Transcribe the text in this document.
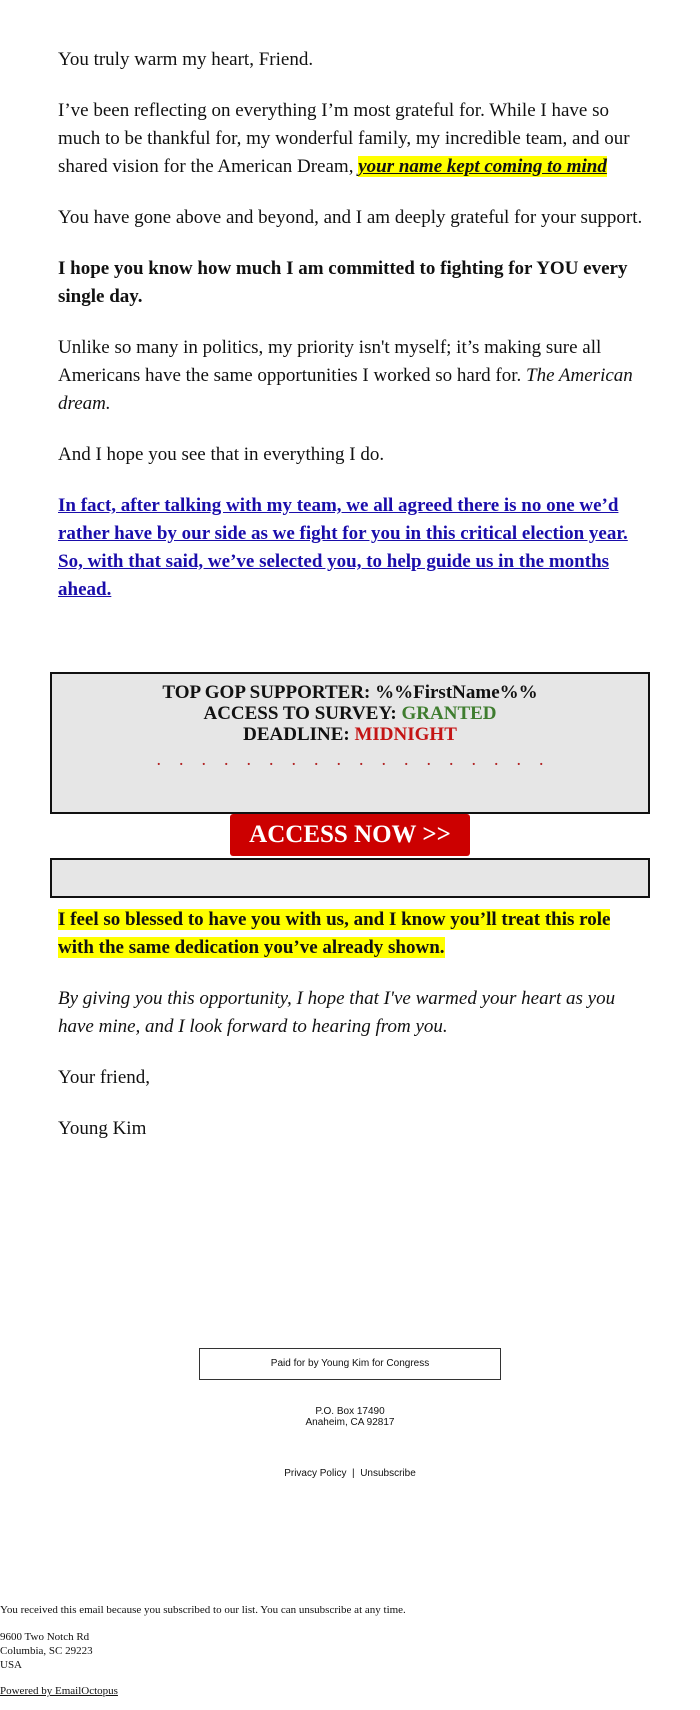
You truly warm my heart, Friend.

I’ve been reflecting on everything I’m most grateful for. While I have so much to be thankful for, my wonderful family, my incredible team, and our shared vision for the American Dream, your name kept coming to mind

You have gone above and beyond, and I am deeply grateful for your support.

I hope you know how much I am committed to fighting for YOU every single day.

Unlike so many in politics, my priority isn't myself; it’s making sure all Americans have the same opportunities I worked so hard for. The American dream.

And I hope you see that in everything I do.

In fact, after talking with my team, we all agreed there is no one we’d rather have by our side as we fight for you in this critical election year. So, with that said, we’ve selected you, to help guide us in the months ahead.

TOP GOP SUPPORTER: %%FirstName%%
ACCESS TO SURVEY: GRANTED
DEADLINE: MIDNIGHT
..................
ACCESS NOW >>

I feel so blessed to have you with us, and I know you’ll treat this role with the same dedication you’ve already shown.

By giving you this opportunity, I hope that I've warmed your heart as you have mine, and I look forward to hearing from you.

Your friend,

Young Kim

Paid for by Young Kim for Congress
P.O. Box 17490
Anaheim, CA 92817
Privacy Policy | Unsubscribe
You received this email because you subscribed to our list. You can unsubscribe at any time.
9600 Two Notch Rd
Columbia, SC 29223
USA
Powered by EmailOctopus
